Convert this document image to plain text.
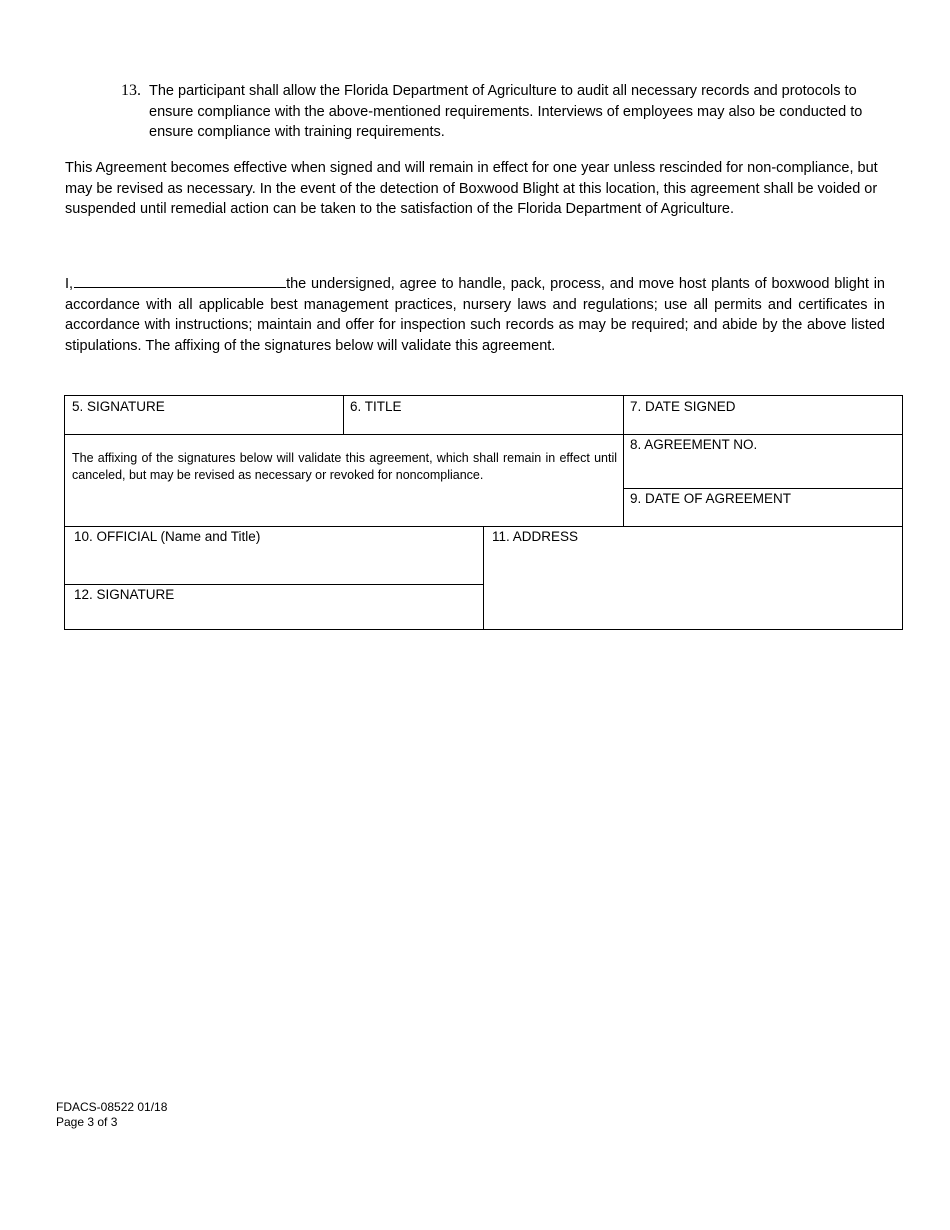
13. The participant shall allow the Florida Department of Agriculture to audit all necessary records and protocols to ensure compliance with the above-mentioned requirements. Interviews of employees may also be conducted to ensure compliance with training requirements.
This Agreement becomes effective when signed and will remain in effect for one year unless rescinded for non-compliance, but may be revised as necessary. In the event of the detection of Boxwood Blight at this location, this agreement shall be voided or suspended until remedial action can be taken to the satisfaction of the Florida Department of Agriculture.
I,	the undersigned, agree to handle, pack, process, and move host plants of boxwood blight in accordance with all applicable best management practices, nursery laws and regulations; use all permits and certificates in accordance with instructions; maintain and offer for inspection such records as may be required; and abide by the above listed stipulations. The affixing of the signatures below will validate this agreement.
5. SIGNATURE	6. TITLE	7. DATE SIGNED
The affixing of the signatures below will validate this agreement, which shall remain in effect until canceled, but may be revised as necessary or revoked for noncompliance.
8. AGREEMENT NO.
9. DATE OF AGREEMENT
10. OFFICIAL (Name and Title)
12. SIGNATURE
11. ADDRESS
FDACS-08522 01/18
Page 3 of 3
